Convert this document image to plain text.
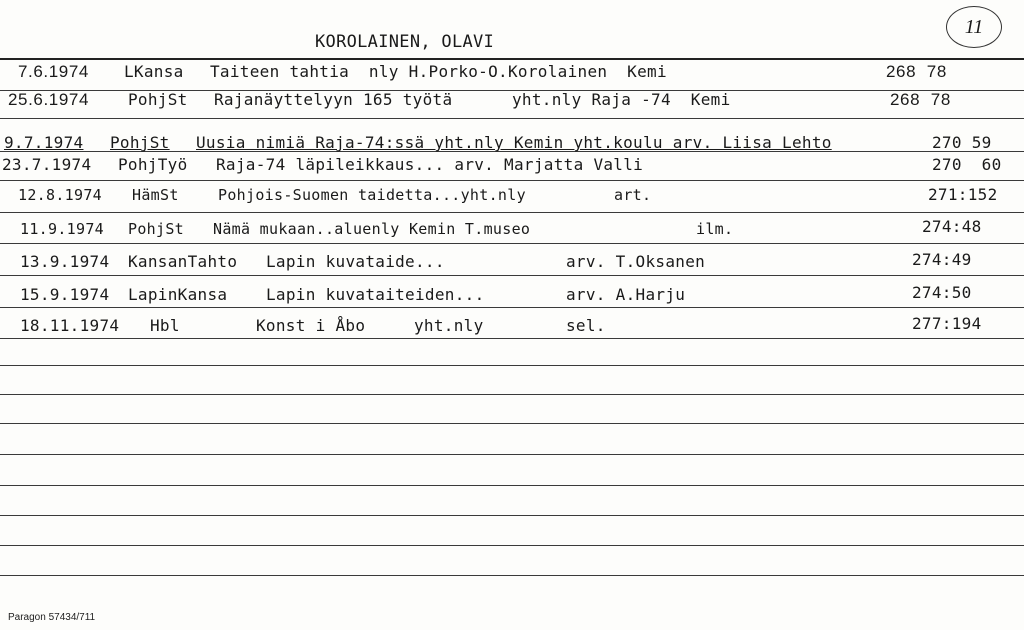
KOROLAINEN, OLAVI
11
7.6.1974 LKansa Taiteen tahtia  nly H.Porko-O.Korolainen  Kemi	268  78
25.6.1974 PohjSt Rajanäyttelyyn 165 työtä	yht.nly Raja -74  Kemi	268  78
9.7.1974 PohjSt Uusia nimiä Raja-74:ssä yht.nly Kemin yht.koulu arv. Liisa Lehto	270 59
23.7.1974 PohjTyö Raja-74 läpileikkaus... arv. Marjatta Valli	270  60
12.8.1974 HämSt	Pohjois-Suomen taidetta...yht.nly	art.	271:152
11.9.1974 PohjSt Nämä mukaan..aluenly Kemin T.museo	ilm.	274:48
13.9.1974 KansanTahto Lapin kuvataide...	arv. T.Oksanen	274:49
15.9.1974 LapinKansa Lapin kuvataiteiden...	arv. A.Harju	274:50
18.11.1974 Hbl	Konst i Åbo	yht.nly	sel.	277:194
Paragon 57434/711
